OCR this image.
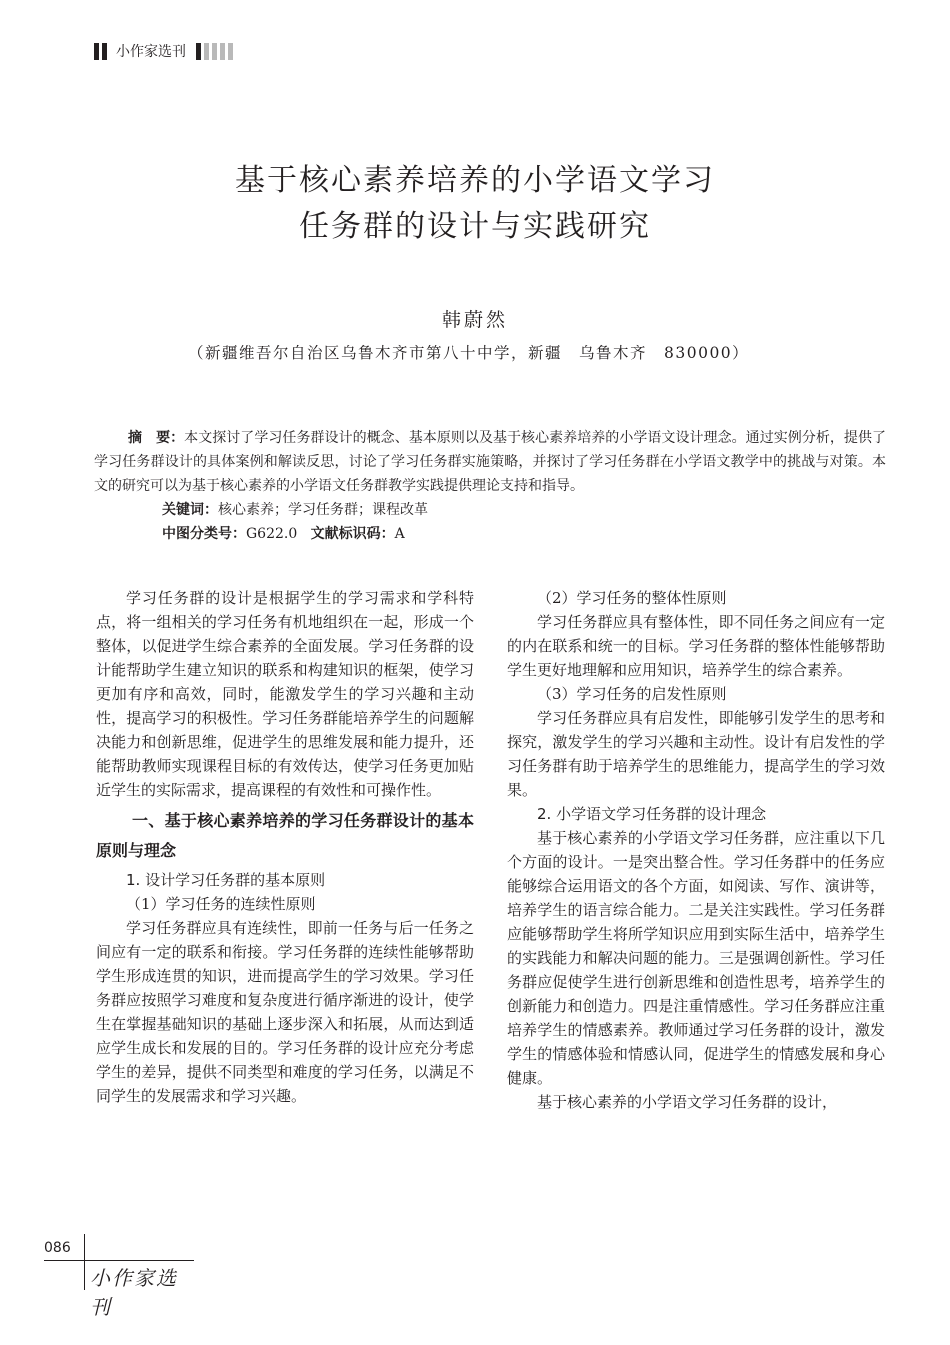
小作家选刊
基于核心素养培养的小学语文学习
任务群的设计与实践研究
韩蔚然
（新疆维吾尔自治区乌鲁木齐市第八十中学，新疆　乌鲁木齐　830000）

摘　要：本文探讨了学习任务群设计的概念、基本原则以及基于核心素养培养的小学语文设计理念。通过实例分析，提供了学习任务群设计的具体案例和解读反思，讨论了学习任务群实施策略，并探讨了学习任务群在小学语文教学中的挑战与对策。本文的研究可以为基于核心素养的小学语文任务群教学实践提供理论支持和指导。

关键词：核心素养；学习任务群；课程改革

中图分类号：G622.0 文献标识码：A

学习任务群的设计是根据学生的学习需求和学科特点，将一组相关的学习任务有机地组织在一起，形成一个整体，以促进学生综合素养的全面发展。学习任务群的设计能帮助学生建立知识的联系和构建知识的框架，使学习更加有序和高效，同时，能激发学生的学习兴趣和主动性，提高学习的积极性。学习任务群能培养学生的问题解决能力和创新思维，促进学生的思维发展和能力提升，还能帮助教师实现课程目标的有效传达，使学习任务更加贴近学生的实际需求，提高课程的有效性和可操作性。

一、基于核心素养培养的学习任务群设计的基本原则与理念

1. 设计学习任务群的基本原则

（1）学习任务的连续性原则

学习任务群应具有连续性，即前一任务与后一任务之间应有一定的联系和衔接。学习任务群的连续性能够帮助学生形成连贯的知识，进而提高学生的学习效果。学习任务群应按照学习难度和复杂度进行循序渐进的设计，使学生在掌握基础知识的基础上逐步深入和拓展，从而达到适应学生成长和发展的目的。学习任务群的设计应充分考虑学生的差异，提供不同类型和难度的学习任务，以满足不同学生的发展需求和学习兴趣。

（2）学习任务的整体性原则

学习任务群应具有整体性，即不同任务之间应有一定的内在联系和统一的目标。学习任务群的整体性能够帮助学生更好地理解和应用知识，培养学生的综合素养。

（3）学习任务的启发性原则

学习任务群应具有启发性，即能够引发学生的思考和探究，激发学生的学习兴趣和主动性。设计有启发性的学习任务群有助于培养学生的思维能力，提高学生的学习效果。

2. 小学语文学习任务群的设计理念

基于核心素养的小学语文学习任务群，应注重以下几个方面的设计。一是突出整合性。学习任务群中的任务应能够综合运用语文的各个方面，如阅读、写作、演讲等，培养学生的语言综合能力。二是关注实践性。学习任务群应能够帮助学生将所学知识应用到实际生活中，培养学生的实践能力和解决问题的能力。三是强调创新性。学习任务群应促使学生进行创新思维和创造性思考，培养学生的创新能力和创造力。四是注重情感性。学习任务群应注重培养学生的情感素养。教师通过学习任务群的设计，激发学生的情感体验和情感认同，促进学生的情感发展和身心健康。

基于核心素养的小学语文学习任务群的设计，

086
小作家选刊
